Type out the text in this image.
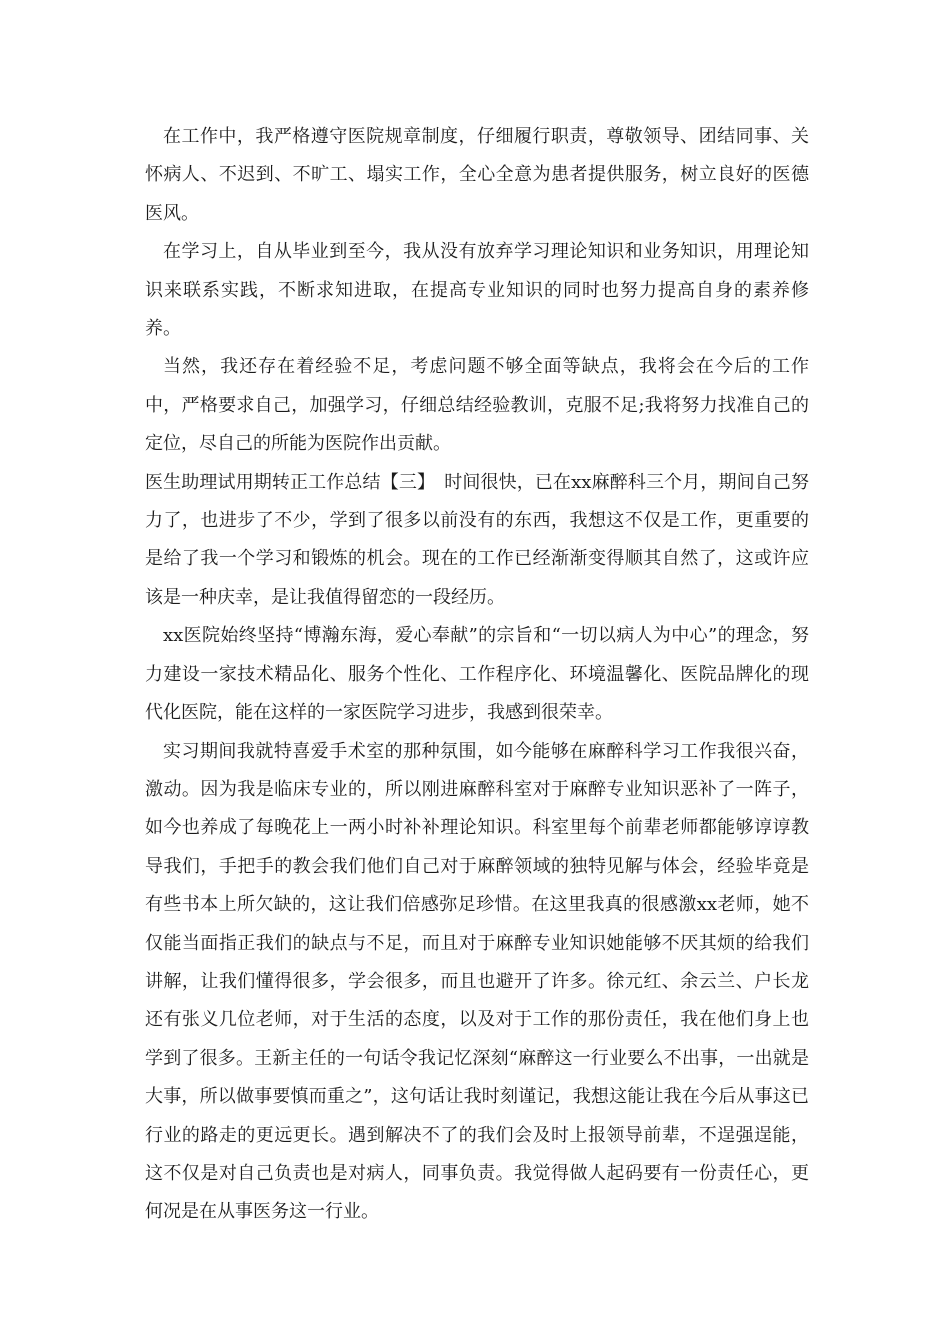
在工作中，我严格遵守医院规章制度，仔细履行职责，尊敬领导、团结同事、关怀病人、不迟到、不旷工、塌实工作，全心全意为患者提供服务，树立良好的医德医风。

在学习上，自从毕业到至今，我从没有放弃学习理论知识和业务知识，用理论知识来联系实践，不断求知进取，在提高专业知识的同时也努力提高自身的素养修养。

当然，我还存在着经验不足，考虑问题不够全面等缺点，我将会在今后的工作中，严格要求自己，加强学习，仔细总结经验教训，克服不足;我将努力找准自己的定位，尽自己的所能为医院作出贡献。

医生助理试用期转正工作总结【三】　时间很快，已在xx麻醉科三个月，期间自己努力了，也进步了不少，学到了很多以前没有的东西，我想这不仅是工作，更重要的是给了我一个学习和锻炼的机会。现在的工作已经渐渐变得顺其自然了，这或许应该是一种庆幸，是让我值得留恋的一段经历。

xx医院始终坚持“博瀚东海，爱心奉献”的宗旨和“一切以病人为中心”的理念，努力建设一家技术精品化、服务个性化、工作程序化、环境温馨化、医院品牌化的现代化医院，能在这样的一家医院学习进步，我感到很荣幸。

实习期间我就特喜爱手术室的那种氛围，如今能够在麻醉科学习工作我很兴奋，激动。因为我是临床专业的，所以刚进麻醉科室对于麻醉专业知识恶补了一阵子，如今也养成了每晚花上一两小时补补理论知识。科室里每个前辈老师都能够谆谆教导我们，手把手的教会我们他们自己对于麻醉领域的独特见解与体会，经验毕竟是有些书本上所欠缺的，这让我们倍感弥足珍惜。在这里我真的很感激xx老师，她不仅能当面指正我们的缺点与不足，而且对于麻醉专业知识她能够不厌其烦的给我们讲解，让我们懂得很多，学会很多，而且也避开了许多。徐元红、余云兰、户长龙还有张义几位老师，对于生活的态度，以及对于工作的那份责任，我在他们身上也学到了很多。王新主任的一句话令我记忆深刻“麻醉这一行业要么不出事，一出就是大事，所以做事要慎而重之”，这句话让我时刻谨记，我想这能让我在今后从事这已行业的路走的更远更长。遇到解决不了的我们会及时上报领导前辈，不逞强逞能，这不仅是对自己负责也是对病人，同事负责。我觉得做人起码要有一份责任心，更何况是在从事医务这一行业。
